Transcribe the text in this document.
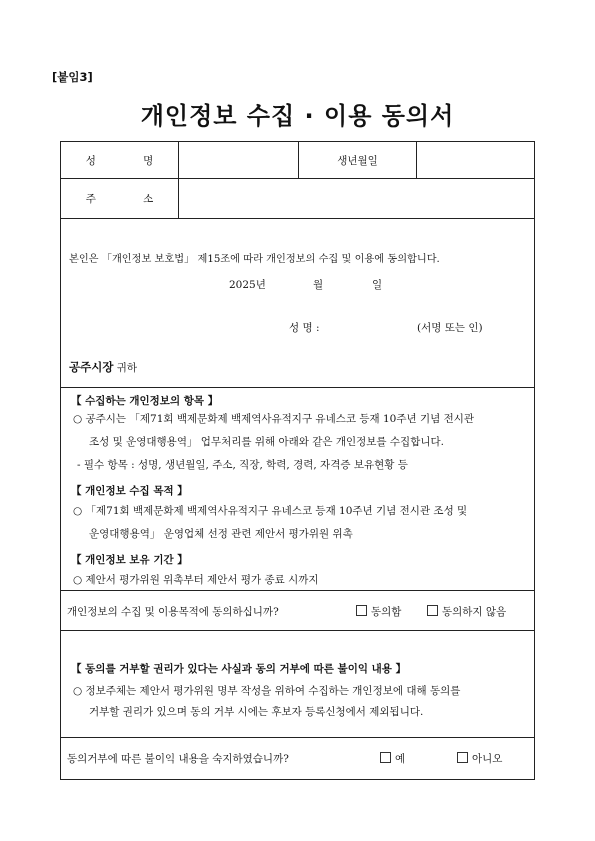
[붙임3]
개인정보 수집 · 이용 동의서
성 명	생년월일
주 소
본인은 「개인정보 보호법」 제15조에 따라 개인정보의 수집 및 이용에 동의합니다.
2025년	월	일
성 명 :	(서명 또는 인)
공주시장 귀하
【 수집하는 개인정보의 항목 】
○ 공주시는 「제71회 백제문화제 백제역사유적지구 유네스코 등재 10주년 기념 전시관
조성 및 운영대행용역」 업무처리를 위해 아래와 같은 개인정보를 수집합니다.
- 필수 항목 : 성명, 생년월일, 주소, 직장, 학력, 경력, 자격증 보유현황 등
【 개인정보 수집 목적 】
○ 「제71회 백제문화제 백제역사유적지구 유네스코 등재 10주년 기념 전시관 조성 및
운영대행용역」 운영업체 선정 관련 제안서 평가위원 위촉
【 개인정보 보유 기간 】
○ 제안서 평가위원 위촉부터 제안서 평가 종료 시까지
개인정보의 수집 및 이용목적에 동의하십니까?	동의함	동의하지 않음
【 동의를 거부할 권리가 있다는 사실과 동의 거부에 따른 불이익 내용 】
○ 정보주체는 제안서 평가위원 명부 작성을 위하여 수집하는 개인정보에 대해 동의를
거부할 권리가 있으며 동의 거부 시에는 후보자 등록신청에서 제외됩니다.
동의거부에 따른 불이익 내용을 숙지하였습니까?	예	아니오
